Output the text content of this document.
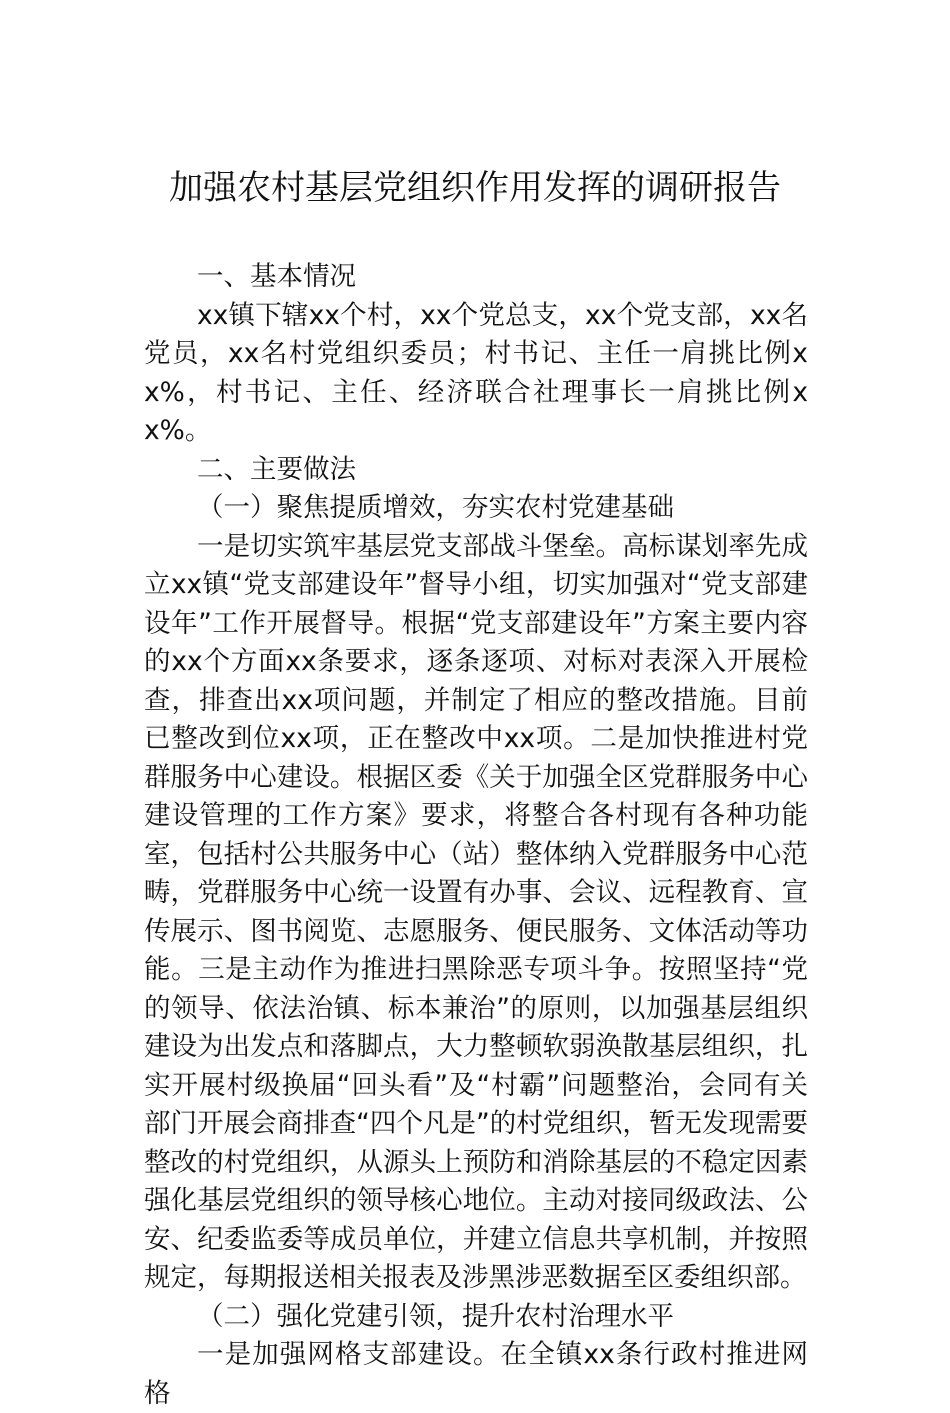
加强农村基层党组织作用发挥的调研报告

一、基本情况

xx镇下辖xx个村，xx个党总支，xx个党支部，xx名党员，xx名村党组织委员；村书记、主任一肩挑比例xx%，村书记、主任、经济联合社理事长一肩挑比例xx%。

二、主要做法

（一）聚焦提质增效，夯实农村党建基础

一是切实筑牢基层党支部战斗堡垒。高标谋划率先成立xx镇“党支部建设年”督导小组，切实加强对“党支部建设年”工作开展督导。根据“党支部建设年”方案主要内容的xx个方面xx条要求，逐条逐项、对标对表深入开展检查，排查出xx项问题，并制定了相应的整改措施。目前已整改到位xx项，正在整改中xx项。二是加快推进村党群服务中心建设。根据区委《关于加强全区党群服务中心建设管理的工作方案》要求，将整合各村现有各种功能室，包括村公共服务中心（站）整体纳入党群服务中心范畴，党群服务中心统一设置有办事、会议、远程教育、宣传展示、图书阅览、志愿服务、便民服务、文体活动等功能。三是主动作为推进扫黑除恶专项斗争。按照坚持“党的领导、依法治镇、标本兼治”的原则，以加强基层组织建设为出发点和落脚点，大力整顿软弱涣散基层组织，扎实开展村级换届“回头看”及“村霸”问题整治，会同有关部门开展会商排查“四个凡是”的村党组织，暂无发现需要整改的村党组织，从源头上预防和消除基层的不稳定因素强化基层党组织的领导核心地位。主动对接同级政法、公安、纪委监委等成员单位，并建立信息共享机制，并按照规定，每期报送相关报表及涉黑涉恶数据至区委组织部。

（二）强化党建引领，提升农村治理水平

一是加强网格支部建设。在全镇xx条行政村推进网格
